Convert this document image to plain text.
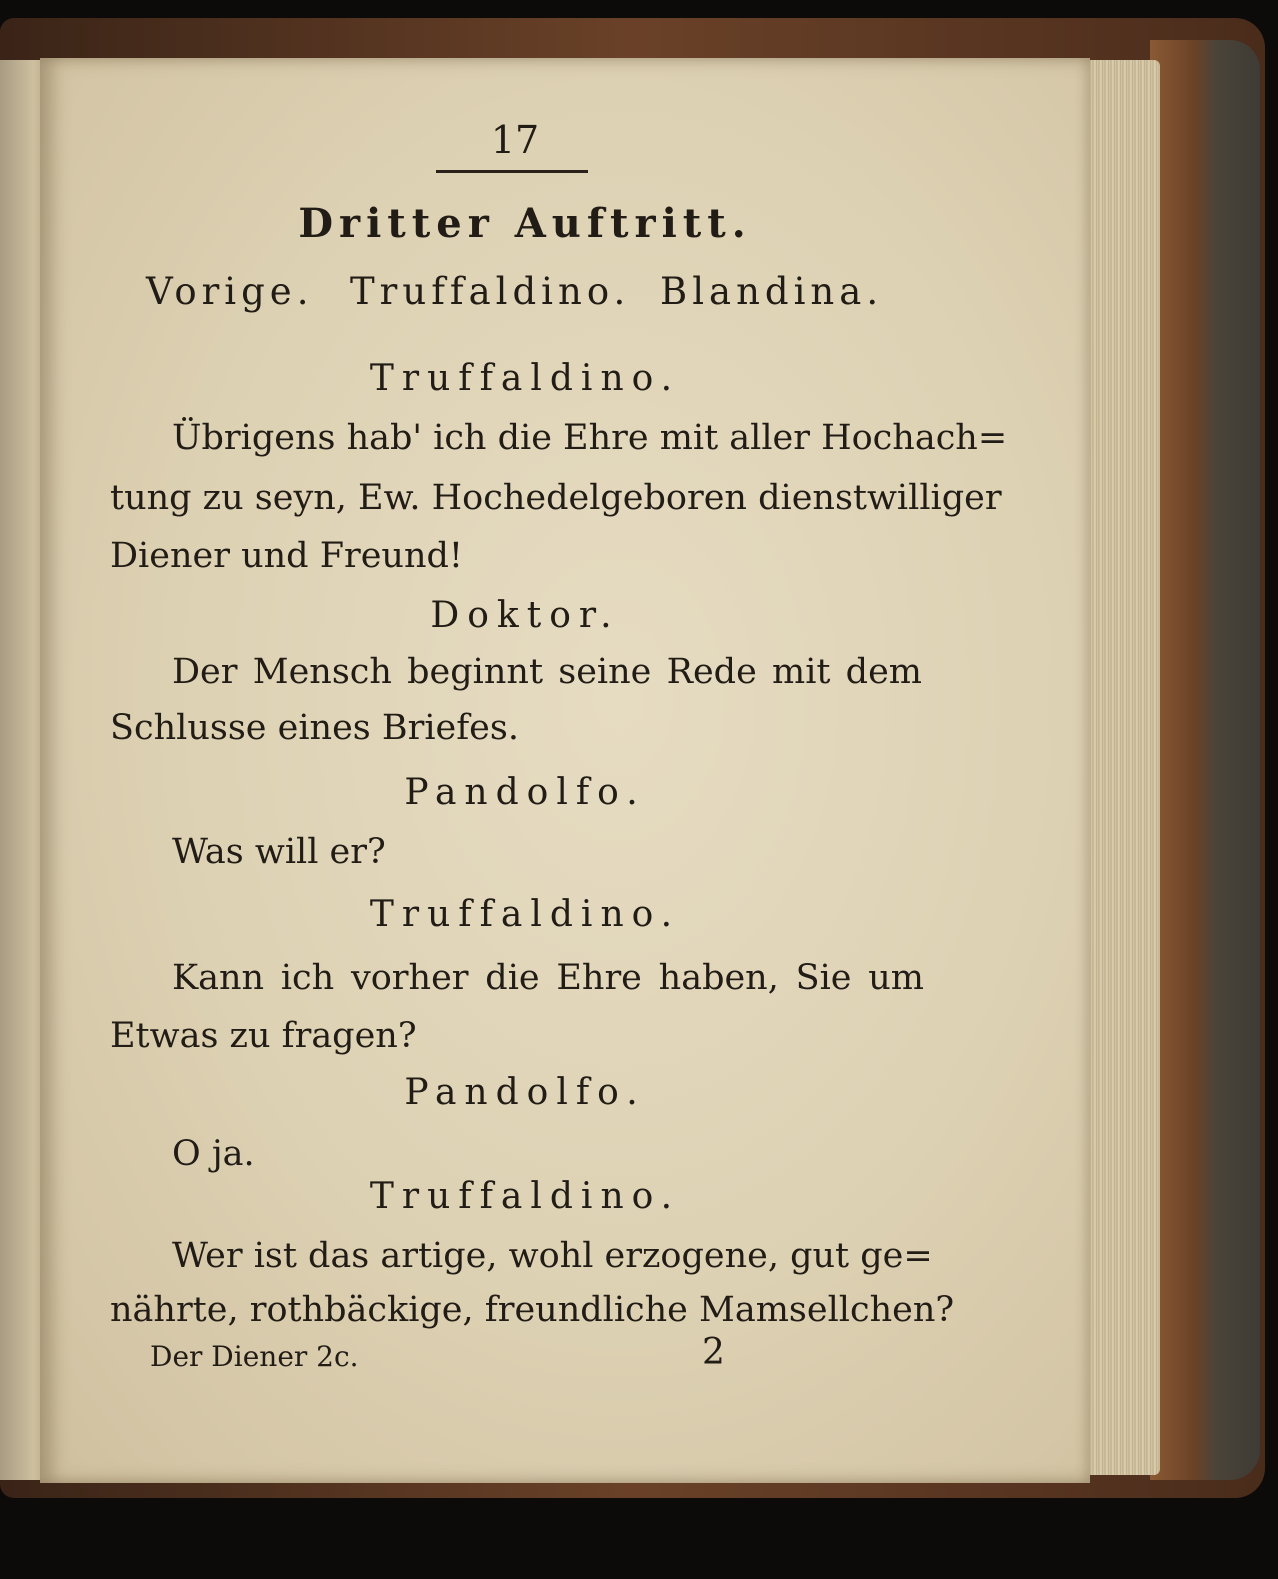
17
Dritter Auftritt.
Vorige. Truffaldino. Blandina.
Truffaldino.
Übrigens hab' ich die Ehre mit aller Hochach=
tung zu seyn, Ew. Hochedelgeboren dienstwilliger
Diener und Freund!
Doktor.
Der Mensch beginnt seine Rede mit dem
Schlusse eines Briefes.
Pandolfo.
Was will er?
Truffaldino.
Kann ich vorher die Ehre haben, Sie um
Etwas zu fragen?
Pandolfo.
O ja.
Truffaldino.
Wer ist das artige, wohl erzogene, gut ge=
nährte, rothbäckige, freundliche Mamsellchen?
Der Diener 2c.	2
